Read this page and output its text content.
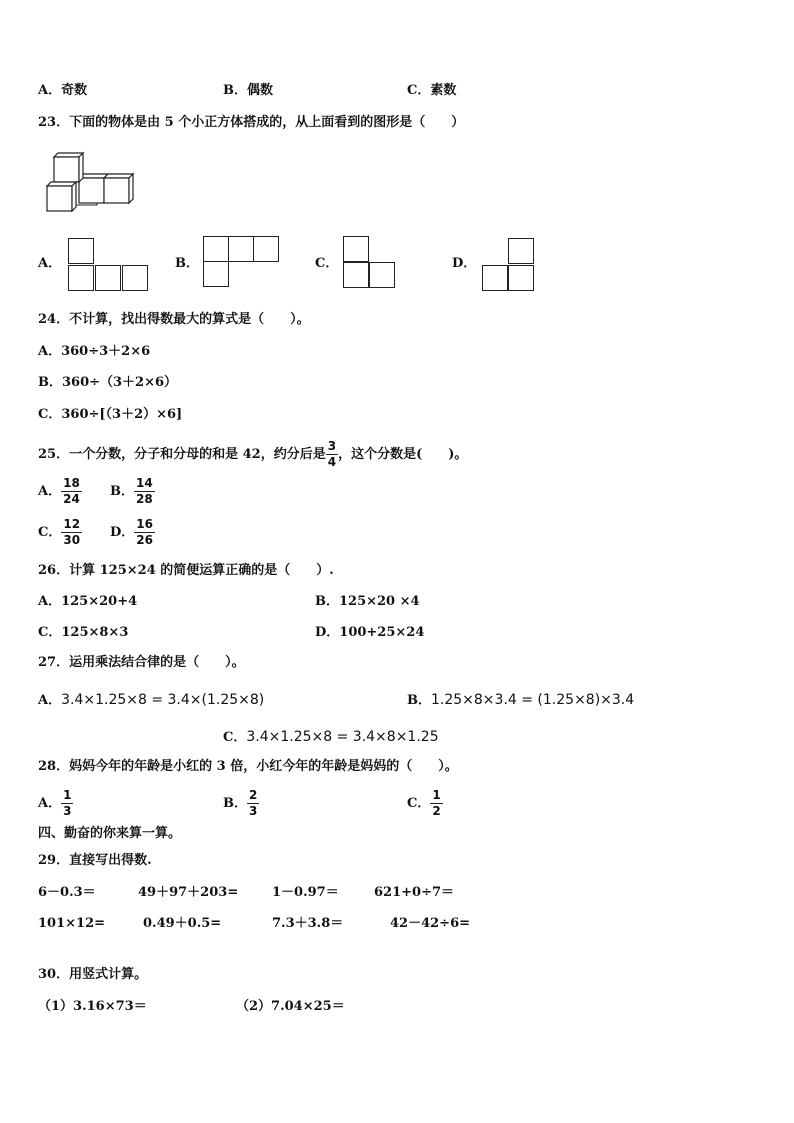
A．奇数	B．偶数	C．素数
23．下面的物体是由 5 个小正方体搭成的，从上面看到的图形是（　　）
A．	B．	C．	D．
24．不计算，找出得数最大的算式是（　　）。
A．360÷3＋2×6
B．360÷（3＋2×6）
C．360÷[（3＋2）×6]
25．一个分数，分子和分母的和是 42，约分后是 $\frac{3}{4}$ ，这个分数是(　　)。
A． $\frac{18}{24}$ B． $\frac{14}{28}$
C． $\frac{12}{30}$ D． $\frac{16}{26}$
26．计算 125×24 的简便运算正确的是（　　）.
A．125×20+4	B．125×20 ×4
C．125×8×3	D．100+25×24
27．运用乘法结合律的是（　　）。
A．3.4×1.25×8 = 3.4×(1.25×8)	B．1.25×8×3.4 = (1.25×8)×3.4
C．3.4×1.25×8 = 3.4×8×1.25
28．妈妈今年的年龄是小红的 3 倍，小红今年的年龄是妈妈的（　　）。
A． $\frac{1}{3}$	B． $\frac{2}{3}$	C． $\frac{1}{2}$
四、勤奋的你来算一算。
29．直接写出得数.
6－0.3＝	49＋97＋203=	1－0.97＝	621+0÷7＝
101×12=	0.49＋0.5=	7.3＋3.8＝	42－42÷6=
30．用竖式计算。
（1）3.16×73＝	（2）7.04×25＝
